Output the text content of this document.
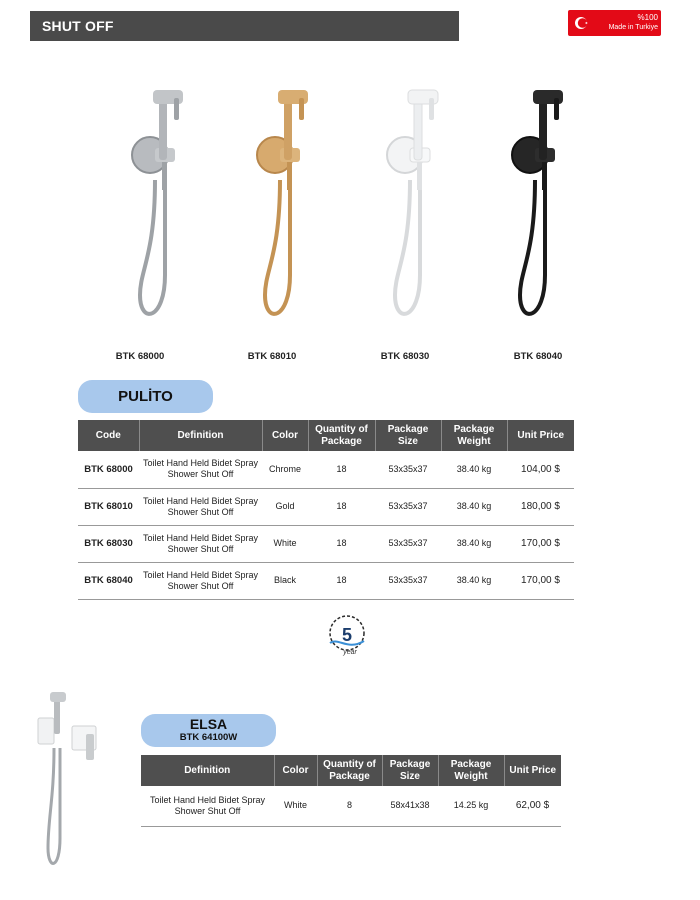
SHUT OFF
%100
Made in Turkiye
BTK 68000	BTK 68010	BTK 68030	BTK 68040
PULİTO
Code	Definition	Color	Quantity of Package	Package Size	Package Weight	Unit Price
BTK 68000	Toilet Hand Held Bidet Spray Shower Shut Off	Chrome	18	53x35x37	38.40 kg	104,00 $
BTK 68010	Toilet Hand Held Bidet Spray Shower Shut Off	Gold	18	53x35x37	38.40 kg	180,00 $
BTK 68030	Toilet Hand Held Bidet Spray Shower Shut Off	White	18	53x35x37	38.40 kg	170,00 $
BTK 68040	Toilet Hand Held Bidet Spray Shower Shut Off	Black	18	53x35x37	38.40 kg	170,00 $
5
year
ELSA
BTK 64100W
Definition	Color	Quantity of Package	Package Size	Package Weight	Unit Price
Toilet Hand Held Bidet Spray Shower Shut Off	White	8	58x41x38	14.25 kg	62,00 $
